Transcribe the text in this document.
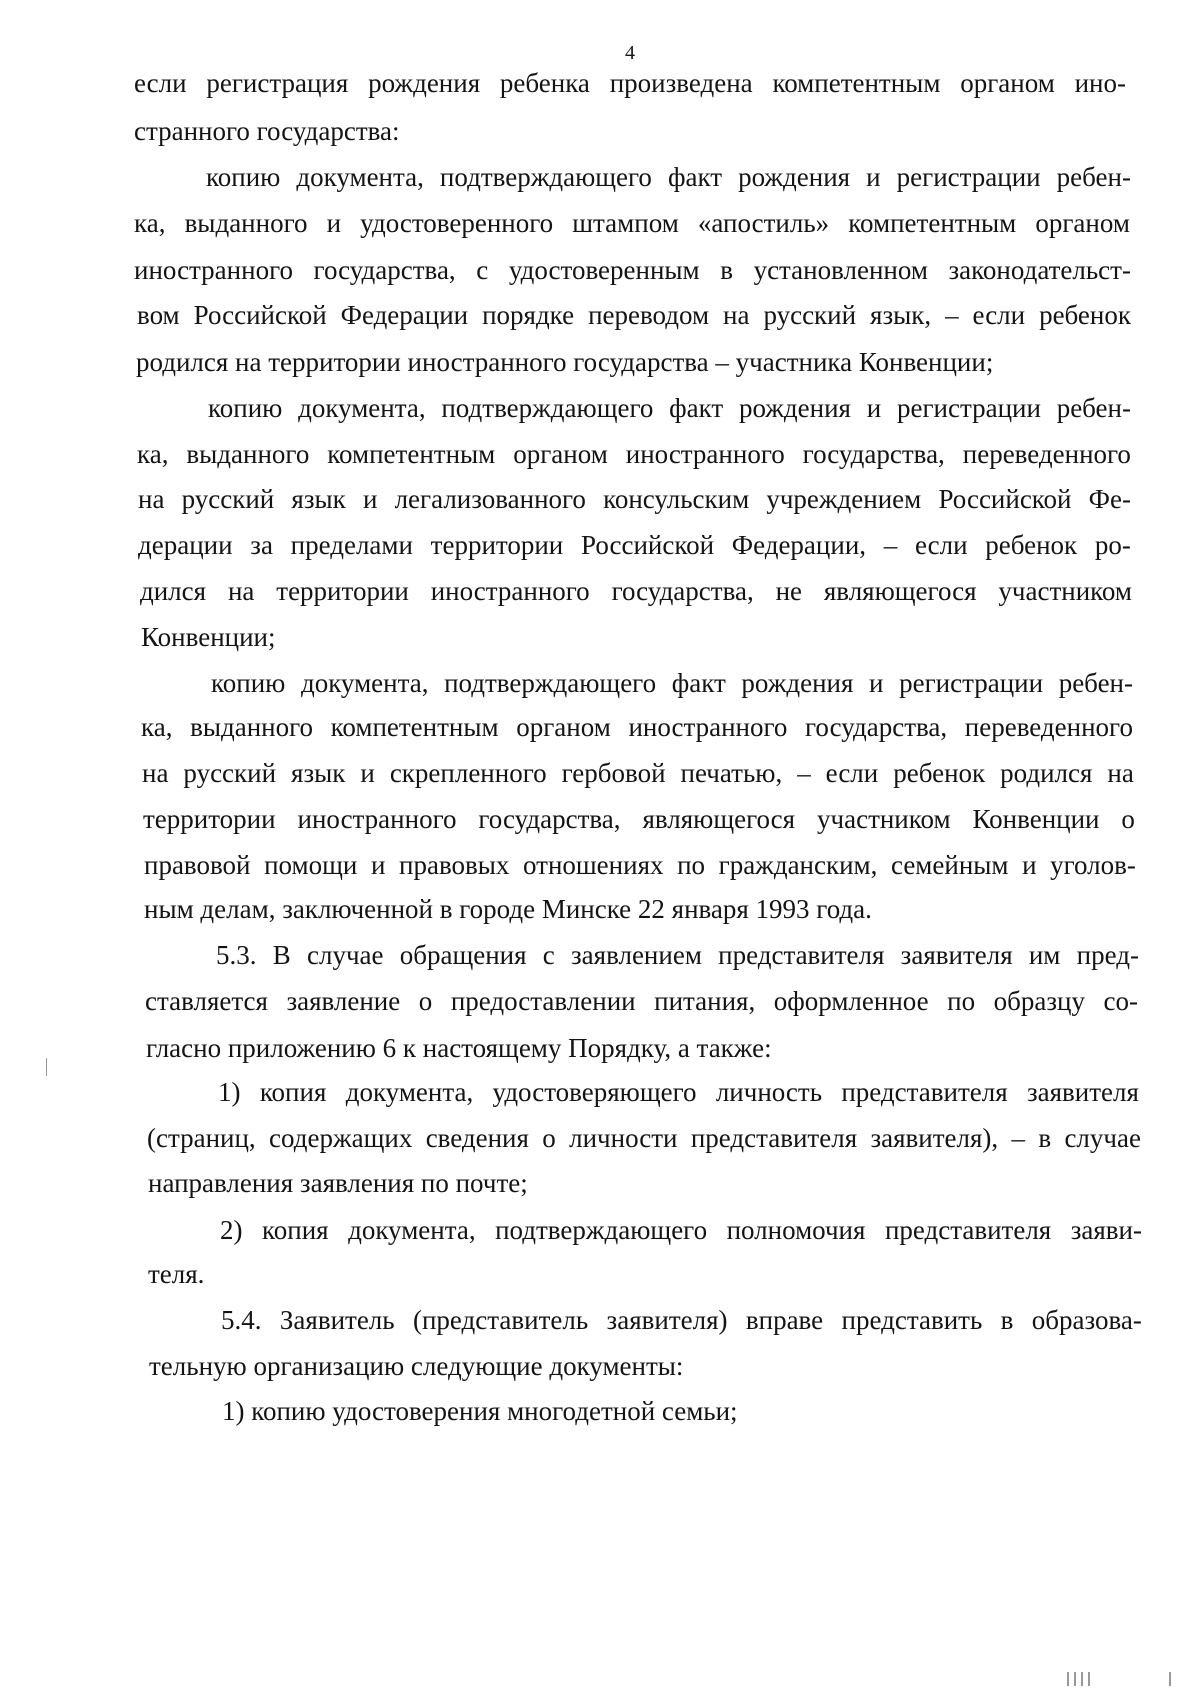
4
если регистрация рождения ребенка произведена компетентным органом ино-
странного государства:
копию документа, подтверждающего факт рождения и регистрации ребен-
ка, выданного и удостоверенного штампом «апостиль» компетентным органом
иностранного государства, с удостоверенным в установленном законодательст-
вом Российской Федерации порядке переводом на русский язык, – если ребенок
родился на территории иностранного государства – участника Конвенции;
копию документа, подтверждающего факт рождения и регистрации ребен-
ка, выданного компетентным органом иностранного государства, переведенного
на русский язык и легализованного консульским учреждением Российской Фе-
дерации за пределами территории Российской Федерации, – если ребенок ро-
дился на территории иностранного государства, не являющегося участником
Конвенции;
копию документа, подтверждающего факт рождения и регистрации ребен-
ка, выданного компетентным органом иностранного государства, переведенного
на русский язык и скрепленного гербовой печатью, – если ребенок родился на
территории иностранного государства, являющегося участником Конвенции о
правовой помощи и правовых отношениях по гражданским, семейным и уголов-
ным делам, заключенной в городе Минске 22 января 1993 года.
5.3. В случае обращения с заявлением представителя заявителя им пред-
ставляется заявление о предоставлении питания, оформленное по образцу со-
гласно приложению 6 к настоящему Порядку, а также:
1) копия документа, удостоверяющего личность представителя заявителя
(страниц, содержащих сведения о личности представителя заявителя), – в случае
направления заявления по почте;
2) копия документа, подтверждающего полномочия представителя заяви-
теля.
5.4. Заявитель (представитель заявителя) вправе представить в образова-
тельную организацию следующие документы:
1) копию удостоверения многодетной семьи;
